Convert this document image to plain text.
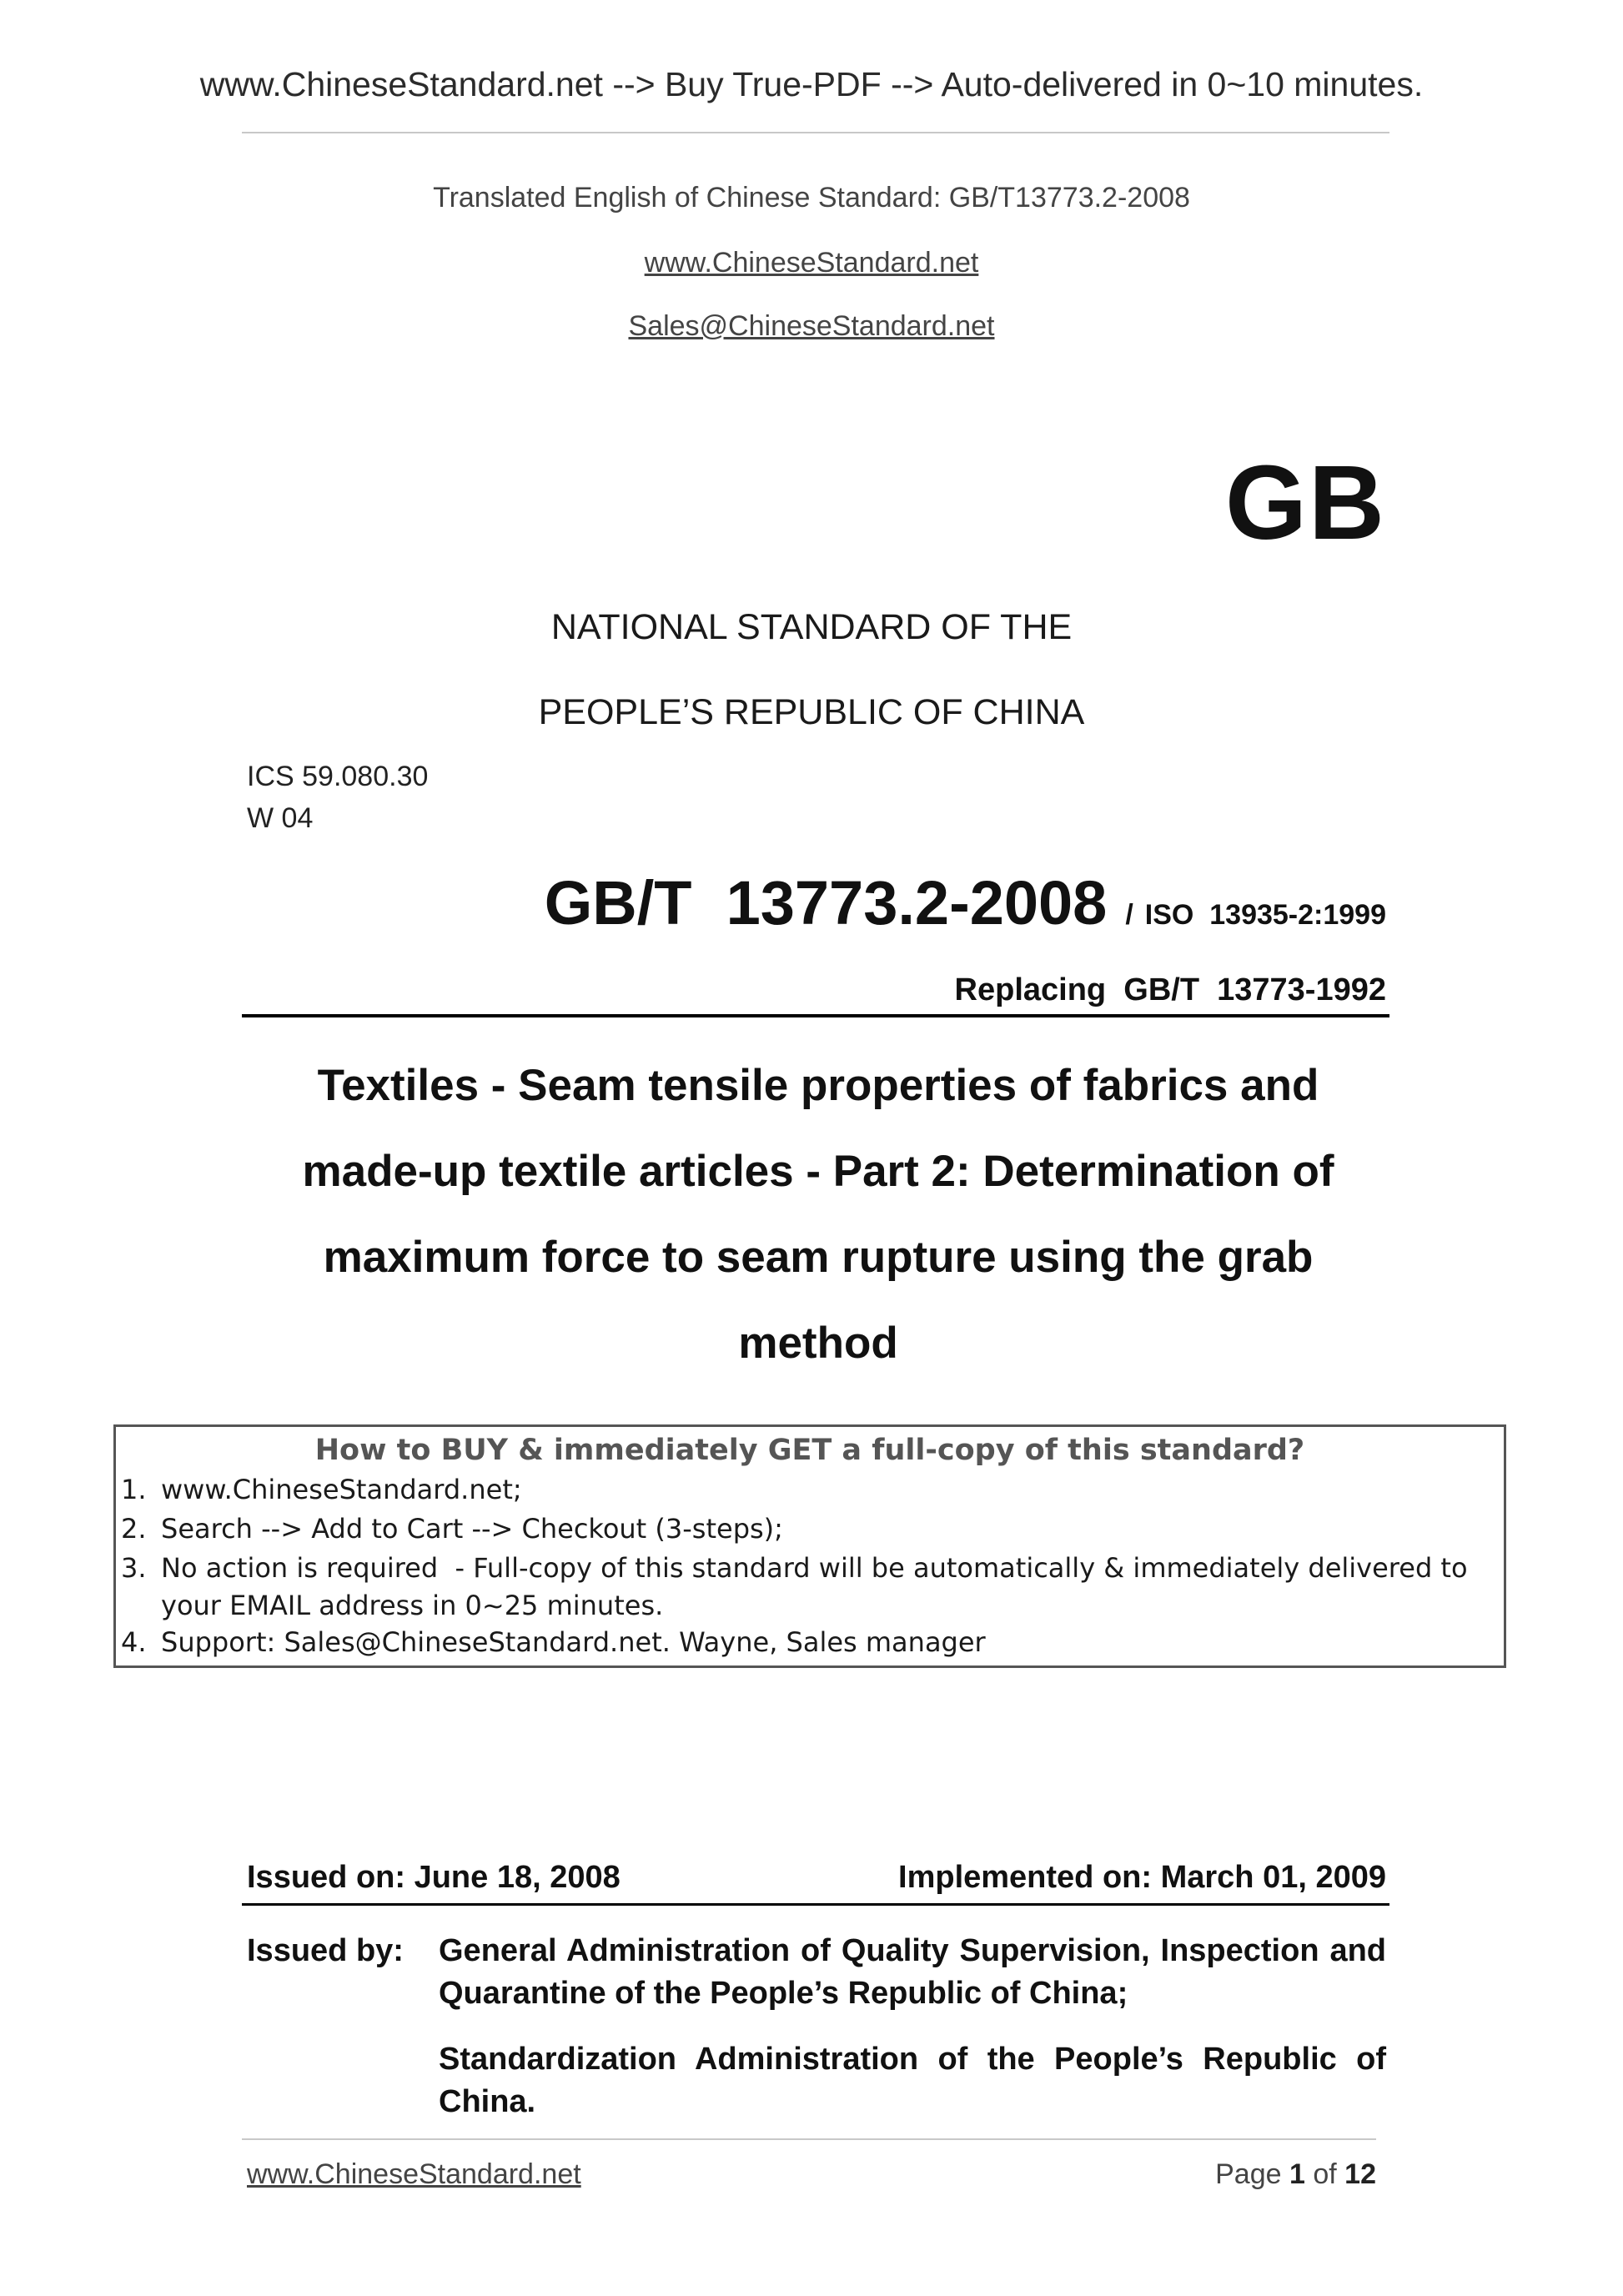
www.ChineseStandard.net --> Buy True-PDF --> Auto-delivered in 0~10 minutes.
Translated English of Chinese Standard: GB/T13773.2-2008
www.ChineseStandard.net
Sales@ChineseStandard.net
GB
NATIONAL STANDARD OF THE
PEOPLE’S REPUBLIC OF CHINA
ICS 59.080.30
W 04
GB/T  13773.2-2008 / ISO  13935-2:1999
Replacing  GB/T  13773-1992
Textiles - Seam tensile properties of fabrics and
made-up textile articles - Part 2: Determination of
maximum force to seam rupture using the grab
method
How to BUY & immediately GET a full-copy of this standard?
1. www.ChineseStandard.net;
2. Search --> Add to Cart --> Checkout (3-steps);
3. No action is required  - Full-copy of this standard will be automatically & immediately delivered to
your EMAIL address in 0~25 minutes.
4. Support: Sales@ChineseStandard.net. Wayne, Sales manager
Issued on: June 18, 2008	Implemented on: March 01, 2009
Issued by: General Administration of Quality Supervision, Inspection and Quarantine of the People’s Republic of China;

Standardization Administration of the People’s Republic of China.

www.ChineseStandard.net	Page 1 of 12
